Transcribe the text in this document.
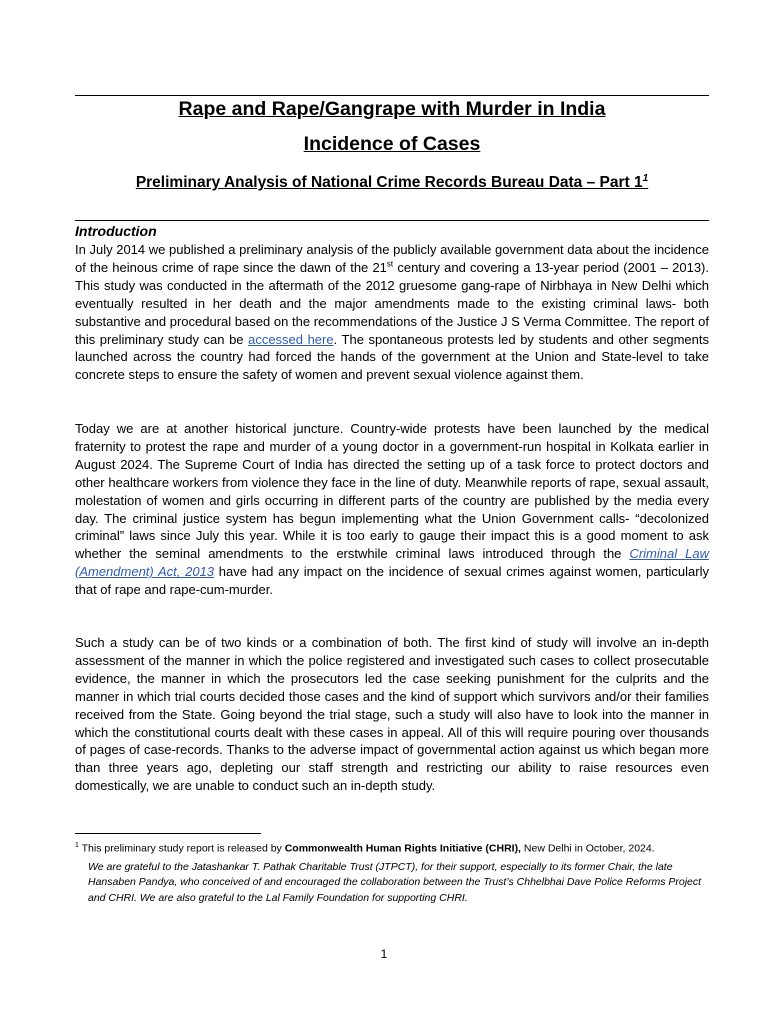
Rape and Rape/Gangrape with Murder in India
Incidence of Cases
Preliminary Analysis of National Crime Records Bureau Data – Part $1^1$
Introduction
In July 2014 we published a preliminary analysis of the publicly available government data about the incidence of the heinous crime of rape since the dawn of the 21st century and covering a 13-year period (2001 – 2013). This study was conducted in the aftermath of the 2012 gruesome gang-rape of Nirbhaya in New Delhi which eventually resulted in her death and the major amendments made to the existing criminal laws- both substantive and procedural based on the recommendations of the Justice J S Verma Committee. The report of this preliminary study can be accessed here. The spontaneous protests led by students and other segments launched across the country had forced the hands of the government at the Union and State-level to take concrete steps to ensure the safety of women and prevent sexual violence against them.
Today we are at another historical juncture. Country-wide protests have been launched by the medical fraternity to protest the rape and murder of a young doctor in a government-run hospital in Kolkata earlier in August 2024. The Supreme Court of India has directed the setting up of a task force to protect doctors and other healthcare workers from violence they face in the line of duty. Meanwhile reports of rape, sexual assault, molestation of women and girls occurring in different parts of the country are published by the media every day. The criminal justice system has begun implementing what the Union Government calls- “decolonized criminal” laws since July this year. While it is too early to gauge their impact this is a good moment to ask whether the seminal amendments to the erstwhile criminal laws introduced through the Criminal Law (Amendment) Act, 2013 have had any impact on the incidence of sexual crimes against women, particularly that of rape and rape-cum-murder.
Such a study can be of two kinds or a combination of both. The first kind of study will involve an in-depth assessment of the manner in which the police registered and investigated such cases to collect prosecutable evidence, the manner in which the prosecutors led the case seeking punishment for the culprits and the manner in which trial courts decided those cases and the kind of support which survivors and/or their families received from the State. Going beyond the trial stage, such a study will also have to look into the manner in which the constitutional courts dealt with these cases in appeal. All of this will require pouring over thousands of pages of case-records. Thanks to the adverse impact of governmental action against us which began more than three years ago, depleting our staff strength and restricting our ability to raise resources even domestically, we are unable to conduct such an in-depth study.
$^1$ This preliminary study report is released by Commonwealth Human Rights Initiative (CHRI), New Delhi in October, 2024.
We are grateful to the Jatashankar T. Pathak Charitable Trust (JTPCT), for their support, especially to its former Chair, the late Hansaben Pandya, who conceived of and encouraged the collaboration between the Trust’s Chhelbhai Dave Police Reforms Project and CHRI. We are also grateful to the Lal Family Foundation for supporting CHRI.
1
